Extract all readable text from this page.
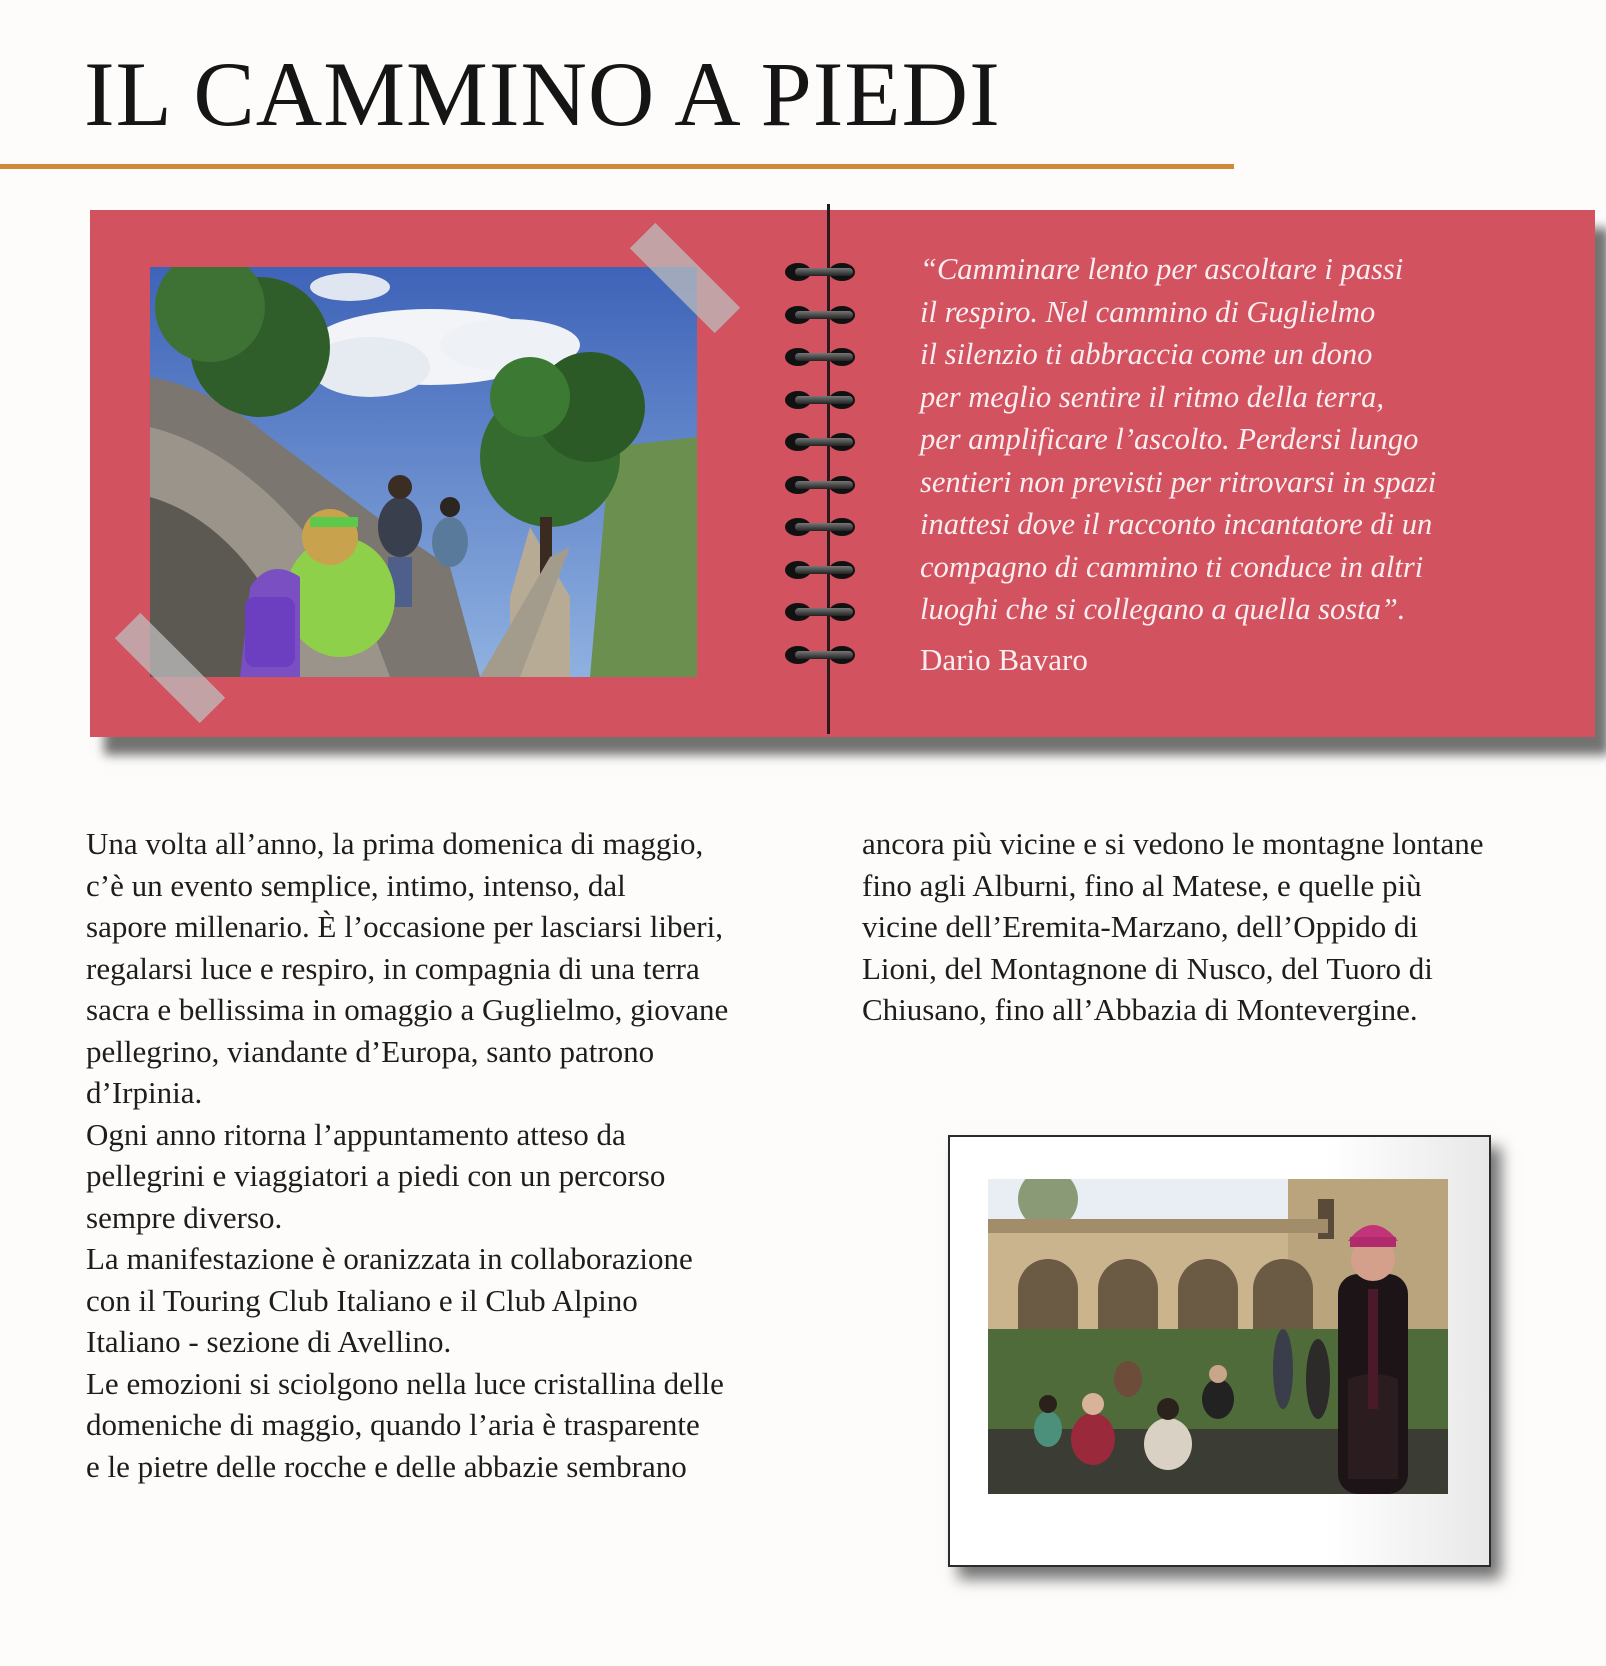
IL CAMMINO A PIEDI

“Camminare lento per ascoltare i passi
il respiro. Nel cammino di Guglielmo
il silenzio ti abbraccia come un dono
per meglio sentire il ritmo della terra,
per amplificare l’ascolto. Perdersi lungo
sentieri non previsti per ritrovarsi in spazi
inattesi dove il racconto incantatore di un
compagno di cammino ti conduce in altri
luoghi che si collegano a quella sosta”.

Dario Bavaro

Una volta all’anno, la prima domenica di maggio,
c’è un evento semplice, intimo, intenso, dal
sapore millenario. È l’occasione per lasciarsi liberi,
regalarsi luce e respiro, in compagnia di una terra
sacra e bellissima in omaggio a Guglielmo, giovane
pellegrino, viandante d’Europa, santo patrono
d’Irpinia.

Ogni anno ritorna l’appuntamento atteso da
pellegrini e viaggiatori a piedi con un percorso
sempre diverso.

La manifestazione è oranizzata in collaborazione
con il Touring Club Italiano e il Club Alpino
Italiano - sezione di Avellino.

Le emozioni si sciolgono nella luce cristallina delle
domeniche di maggio, quando l’aria è trasparente
e le pietre delle rocche e delle abbazie sembrano

ancora più vicine e si vedono le montagne lontane
fino agli Alburni, fino al Matese, e quelle più
vicine dell’Eremita-Marzano, dell’Oppido di
Lioni, del Montagnone di Nusco, del Tuoro di
Chiusano, fino all’Abbazia di Montevergine.
